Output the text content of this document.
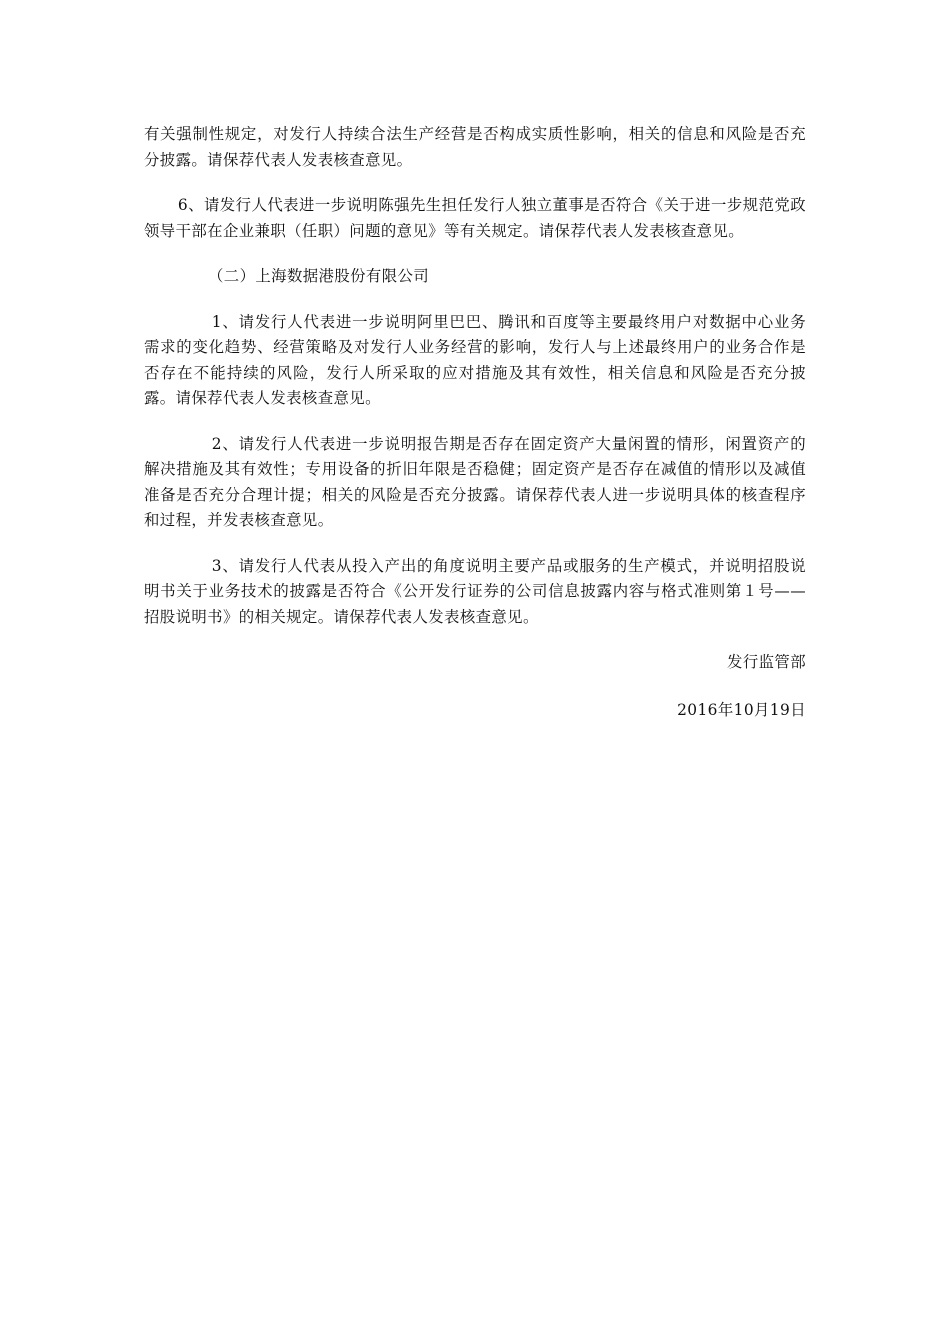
有关强制性规定，对发行人持续合法生产经营是否构成实质性影响，相关的信息和风险是否充分披露。请保荐代表人发表核查意见。

6、请发行人代表进一步说明陈强先生担任发行人独立董事是否符合《关于进一步规范党政领导干部在企业兼职（任职）问题的意见》等有关规定。请保荐代表人发表核查意见。

（二）上海数据港股份有限公司

1、请发行人代表进一步说明阿里巴巴、腾讯和百度等主要最终用户对数据中心业务需求的变化趋势、经营策略及对发行人业务经营的影响，发行人与上述最终用户的业务合作是否存在不能持续的风险，发行人所采取的应对措施及其有效性，相关信息和风险是否充分披露。请保荐代表人发表核查意见。

2、请发行人代表进一步说明报告期是否存在固定资产大量闲置的情形，闲置资产的解决措施及其有效性；专用设备的折旧年限是否稳健；固定资产是否存在减值的情形以及减值准备是否充分合理计提；相关的风险是否充分披露。请保荐代表人进一步说明具体的核查程序和过程，并发表核查意见。

3、请发行人代表从投入产出的角度说明主要产品或服务的生产模式，并说明招股说明书关于业务技术的披露是否符合《公开发行证券的公司信息披露内容与格式准则第１号——招股说明书》的相关规定。请保荐代表人发表核查意见。

发行监管部

2016年10月19日
